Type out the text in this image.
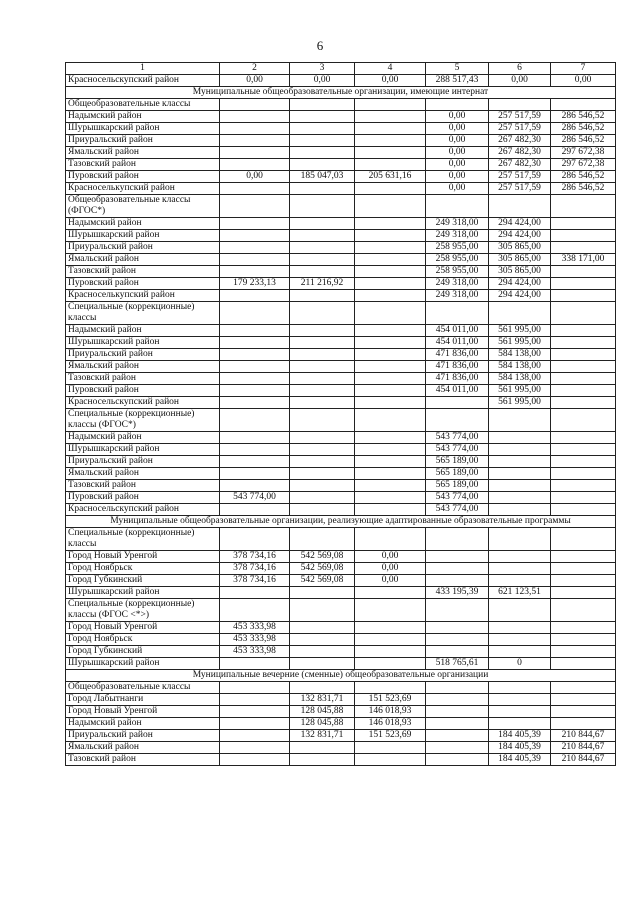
6
1	2	3	4	5	6	7
Красносельскупский район	0,00	0,00	0,00	288 517,43	0,00	0,00
Муниципальные общеобразовательные организации, имеющие интернат						
Общеобразовательные классы						
Надымский район				0,00	257 517,59	286 546,52
Шурышкарский район				0,00	257 517,59	286 546,52
Приуральский район				0,00	267 482,30	286 546,52
Ямальский район				0,00	267 482,30	297 672,38
Тазовский район				0,00	267 482,30	297 672,38
Пуровский район	0,00	185 047,03	205 631,16	0,00	257 517,59	286 546,52
Красноселькупский район				0,00	257 517,59	286 546,52
Общеобразовательные классы (ФГОС*)						
Надымский район				249 318,00	294 424,00	
Шурышкарский район				249 318,00	294 424,00	
Приуральский район				258 955,00	305 865,00	
Ямальский район				258 955,00	305 865,00	338 171,00
Тазовский район				258 955,00	305 865,00	
Пуровский район	179 233,13	211 216,92		249 318,00	294 424,00	
Красноселькупский район				249 318,00	294 424,00	
Специальные (коррекционные) классы						
Надымский район				454 011,00	561 995,00	
Шурышкарский район				454 011,00	561 995,00	
Приуральский район				471 836,00	584 138,00	
Ямальский район				471 836,00	584 138,00	
Тазовский район				471 836,00	584 138,00	
Пуровский район				454 011,00	561 995,00	
Красносельскупский район					561 995,00	
Специальные (коррекционные) классы (ФГОС*)						
Надымский район				543 774,00		
Шурышкарский район				543 774,00		
Приуральский район				565 189,00		
Ямальский район				565 189,00		
Тазовский район				565 189,00		
Пуровский район	543 774,00			543 774,00		
Красносельскупский район				543 774,00		
Муниципальные общеобразовательные организации, реализующие адаптированные образовательные программы						
Специальные (коррекционные) классы						
Город Новый Уренгой	378 734,16	542 569,08	0,00			
Город Ноябрьск	378 734,16	542 569,08	0,00			
Город Губкинский	378 734,16	542 569,08	0,00			
Шурышкарский район				433 195,39	621 123,51	
Специальные (коррекционные) классы (ФГОС <*>)						
Город Новый Уренгой	453 333,98					
Город Ноябрьск	453 333,98					
Город Губкинский	453 333,98					
Шурышкарский район				518 765,61	0	
Муниципальные вечерние (сменные) общеобразовательные организации						
Общеобразовательные классы						
Город Лабытнанги		132 831,71	151 523,69			
Город Новый Уренгой		128 045,88	146 018,93			
Надымский район		128 045,88	146 018,93			
Приуральский район		132 831,71	151 523,69		184 405,39	210 844,67
Ямальский район					184 405,39	210 844,67
Тазовский район					184 405,39	210 844,67
